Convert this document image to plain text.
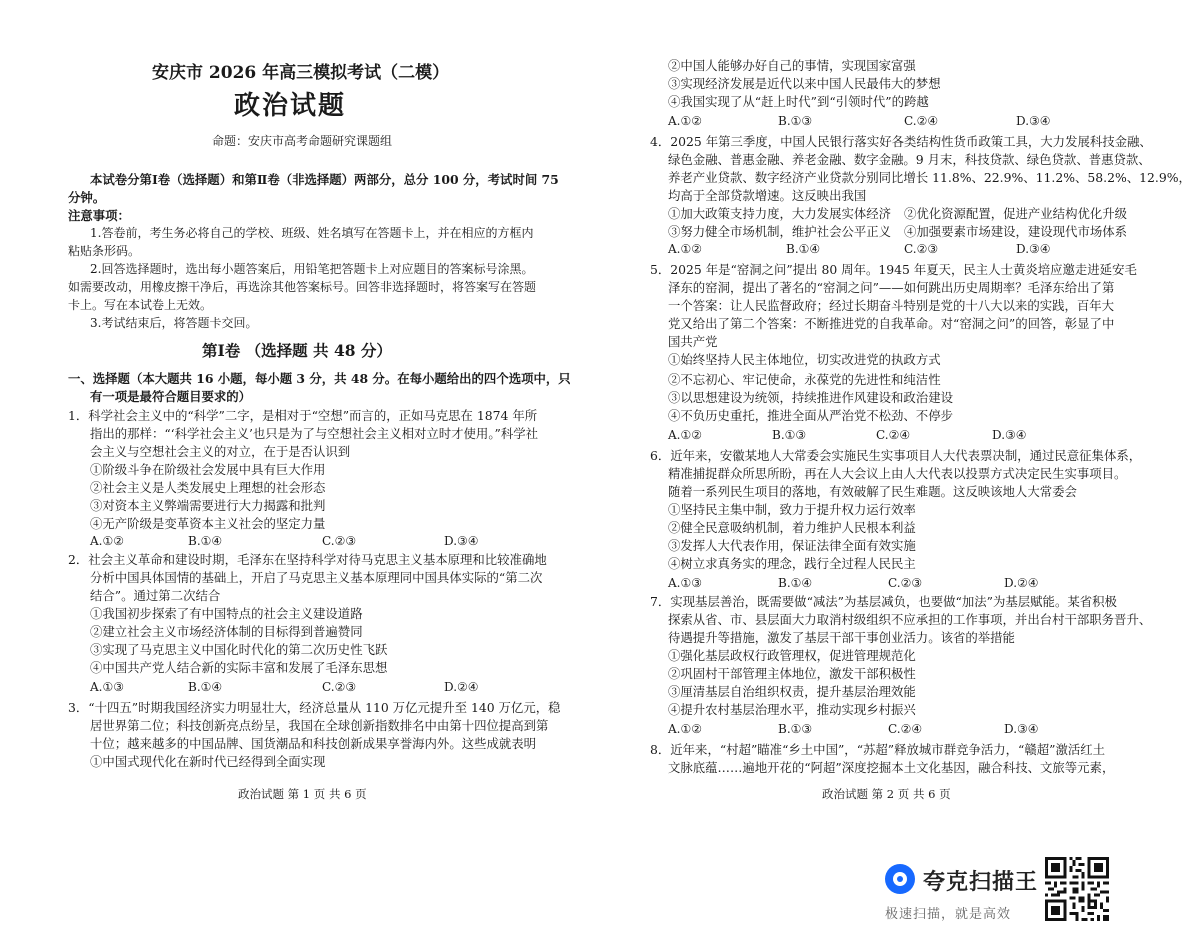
安庆市 2026 年高三模拟考试（二模）
政治试题
命题：安庆市高考命题研究课题组
本试卷分第Ⅰ卷（选择题）和第Ⅱ卷（非选择题）两部分，总分 100 分，考试时间 75
分钟。
注意事项：
1.答卷前，考生务必将自己的学校、班级、姓名填写在答题卡上，并在相应的方框内
粘贴条形码。
2.回答选择题时，选出每小题答案后，用铅笔把答题卡上对应题目的答案标号涂黑。
如需要改动，用橡皮擦干净后，再选涂其他答案标号。回答非选择题时，将答案写在答题
卡上。写在本试卷上无效。
3.考试结束后，将答题卡交回。
第Ⅰ卷 （选择题 共 48 分）
一、选择题（本大题共 16 小题，每小题 3 分，共 48 分。在每小题给出的四个选项中，只
有一项是最符合题目要求的）
1．科学社会主义中的“科学”二字，是相对于“空想”而言的，正如马克思在 1874 年所
指出的那样：“‘科学社会主义’也只是为了与空想社会主义相对立时才使用。”科学社
会主义与空想社会主义的对立，在于是否认识到
①阶级斗争在阶级社会发展中具有巨大作用
②社会主义是人类发展史上理想的社会形态
③对资本主义弊端需要进行大力揭露和批判
④无产阶级是变革资本主义社会的坚定力量
A.①②	B.①④	C.②③	D.③④
2．社会主义革命和建设时期，毛泽东在坚持科学对待马克思主义基本原理和比较准确地
分析中国具体国情的基础上，开启了马克思主义基本原理同中国具体实际的“第二次
结合”。通过第二次结合
①我国初步探索了有中国特点的社会主义建设道路
②建立社会主义市场经济体制的目标得到普遍赞同
③实现了马克思主义中国化时代化的第二次历史性飞跃
④中国共产党人结合新的实际丰富和发展了毛泽东思想
A.①③	B.①④	C.②③	D.②④
3．“十四五”时期我国经济实力明显壮大，经济总量从 110 万亿元提升至 140 万亿元，稳
居世界第二位；科技创新亮点纷呈，我国在全球创新指数排名中由第十四位提高到第
十位；越来越多的中国品牌、国货潮品和科技创新成果享誉海内外。这些成就表明
①中国式现代化在新时代已经得到全面实现
政治试题 第 1 页 共 6 页
②中国人能够办好自己的事情，实现国家富强
③实现经济发展是近代以来中国人民最伟大的梦想
④我国实现了从“赶上时代”到“引领时代”的跨越
A.①②	B.①③	C.②④	D.③④
4．2025 年第三季度，中国人民银行落实好各类结构性货币政策工具，大力发展科技金融、
绿色金融、普惠金融、养老金融、数字金融。9 月末，科技贷款、绿色贷款、普惠贷款、
养老产业贷款、数字经济产业贷款分别同比增长 11.8%、22.9%、11.2%、58.2%、12.9%，
均高于全部贷款增速。这反映出我国
①加大政策支持力度，大力发展实体经济 ②优化资源配置，促进产业结构优化升级
③努力健全市场机制，维护社会公平正义 ④加强要素市场建设，建设现代市场体系
A.①②	B.①④	C.②③	D.③④
5．2025 年是“窑洞之问”提出 80 周年。1945 年夏天，民主人士黄炎培应邀走进延安毛
泽东的窑洞，提出了著名的“窑洞之问”——如何跳出历史周期率？毛泽东给出了第
一个答案：让人民监督政府；经过长期奋斗特别是党的十八大以来的实践，百年大
党又给出了第二个答案：不断推进党的自我革命。对“窑洞之问”的回答，彰显了中
国共产党
①始终坚持人民主体地位，切实改进党的执政方式
②不忘初心、牢记使命，永葆党的先进性和纯洁性
③以思想建设为统领，持续推进作风建设和政治建设
④不负历史重托，推进全面从严治党不松劲、不停步
A.①②	B.①③	C.②④	D.③④
6．近年来，安徽某地人大常委会实施民生实事项目人大代表票决制，通过民意征集体系，
精准捕捉群众所思所盼，再在人大会议上由人大代表以投票方式决定民生实事项目。
随着一系列民生项目的落地，有效破解了民生难题。这反映该地人大常委会
①坚持民主集中制，致力于提升权力运行效率
②健全民意吸纳机制，着力维护人民根本利益
③发挥人大代表作用，保证法律全面有效实施
④树立求真务实的理念，践行全过程人民民主
A.①③	B.①④	C.②③	D.②④
7．实现基层善治，既需要做“减法”为基层减负，也要做“加法”为基层赋能。某省积极
探索从省、市、县层面大力取消村级组织不应承担的工作事项，并出台村干部职务晋升、
待遇提升等措施，激发了基层干部干事创业活力。该省的举措能
①强化基层政权行政管理权，促进管理规范化
②巩固村干部管理主体地位，激发干部积极性
③厘清基层自治组织权责，提升基层治理效能
④提升农村基层治理水平，推动实现乡村振兴
A.①②	B.①③	C.②④	D.③④
8．近年来，“村超”瞄准“乡土中国”，“苏超”释放城市群竞争活力，“赣超”激活红土
文脉底蕴……遍地开花的“阿超”深度挖掘本土文化基因，融合科技、文旅等元素，
政治试题 第 2 页 共 6 页
夸克扫描王
极速扫描，就是高效
